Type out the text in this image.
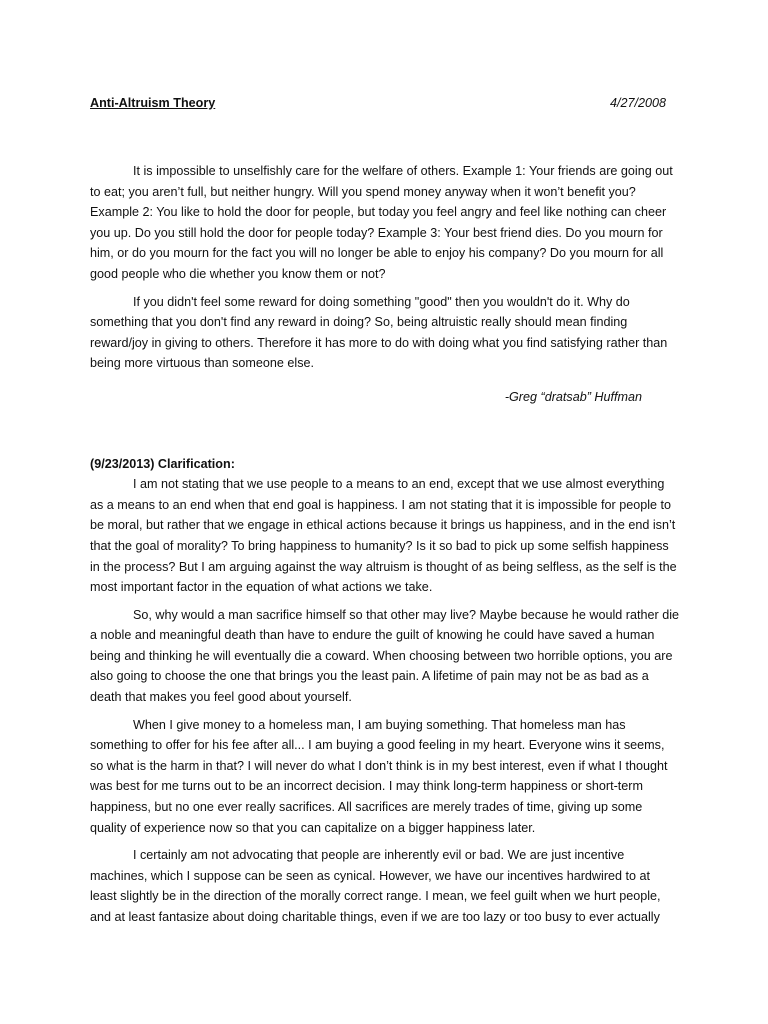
Anti-Altruism Theory	4/27/2008

It is impossible to unselfishly care for the welfare of others. Example 1: Your friends are going out to eat; you aren’t full, but neither hungry. Will you spend money anyway when it won’t benefit you? Example 2: You like to hold the door for people, but today you feel angry and feel like nothing can cheer you up. Do you still hold the door for people today? Example 3: Your best friend dies. Do you mourn for him, or do you mourn for the fact you will no longer be able to enjoy his company? Do you mourn for all good people who die whether you know them or not?

If you didn't feel some reward for doing something "good" then you wouldn't do it. Why do something that you don't find any reward in doing? So, being altruistic really should mean finding reward/joy in giving to others. Therefore it has more to do with doing what you find satisfying rather than being more virtuous than someone else.

-Greg “dratsab” Huffman

(9/23/2013) Clarification:

I am not stating that we use people to a means to an end, except that we use almost everything as a means to an end when that end goal is happiness. I am not stating that it is impossible for people to be moral, but rather that we engage in ethical actions because it brings us happiness, and in the end isn’t that the goal of morality? To bring happiness to humanity? Is it so bad to pick up some selfish happiness in the process? But I am arguing against the way altruism is thought of as being selfless, as the self is the most important factor in the equation of what actions we take.

So, why would a man sacrifice himself so that other may live? Maybe because he would rather die a noble and meaningful death than have to endure the guilt of knowing he could have saved a human being and thinking he will eventually die a coward. When choosing between two horrible options, you are also going to choose the one that brings you the least pain. A lifetime of pain may not be as bad as a death that makes you feel good about yourself.

When I give money to a homeless man, I am buying something. That homeless man has something to offer for his fee after all... I am buying a good feeling in my heart. Everyone wins it seems, so what is the harm in that? I will never do what I don’t think is in my best interest, even if what I thought was best for me turns out to be an incorrect decision. I may think long-term happiness or short-term happiness, but no one ever really sacrifices. All sacrifices are merely trades of time, giving up some quality of experience now so that you can capitalize on a bigger happiness later.

I certainly am not advocating that people are inherently evil or bad. We are just incentive machines, which I suppose can be seen as cynical. However, we have our incentives hardwired to at least slightly be in the direction of the morally correct range. I mean, we feel guilt when we hurt people, and at least fantasize about doing charitable things, even if we are too lazy or too busy to ever actually
